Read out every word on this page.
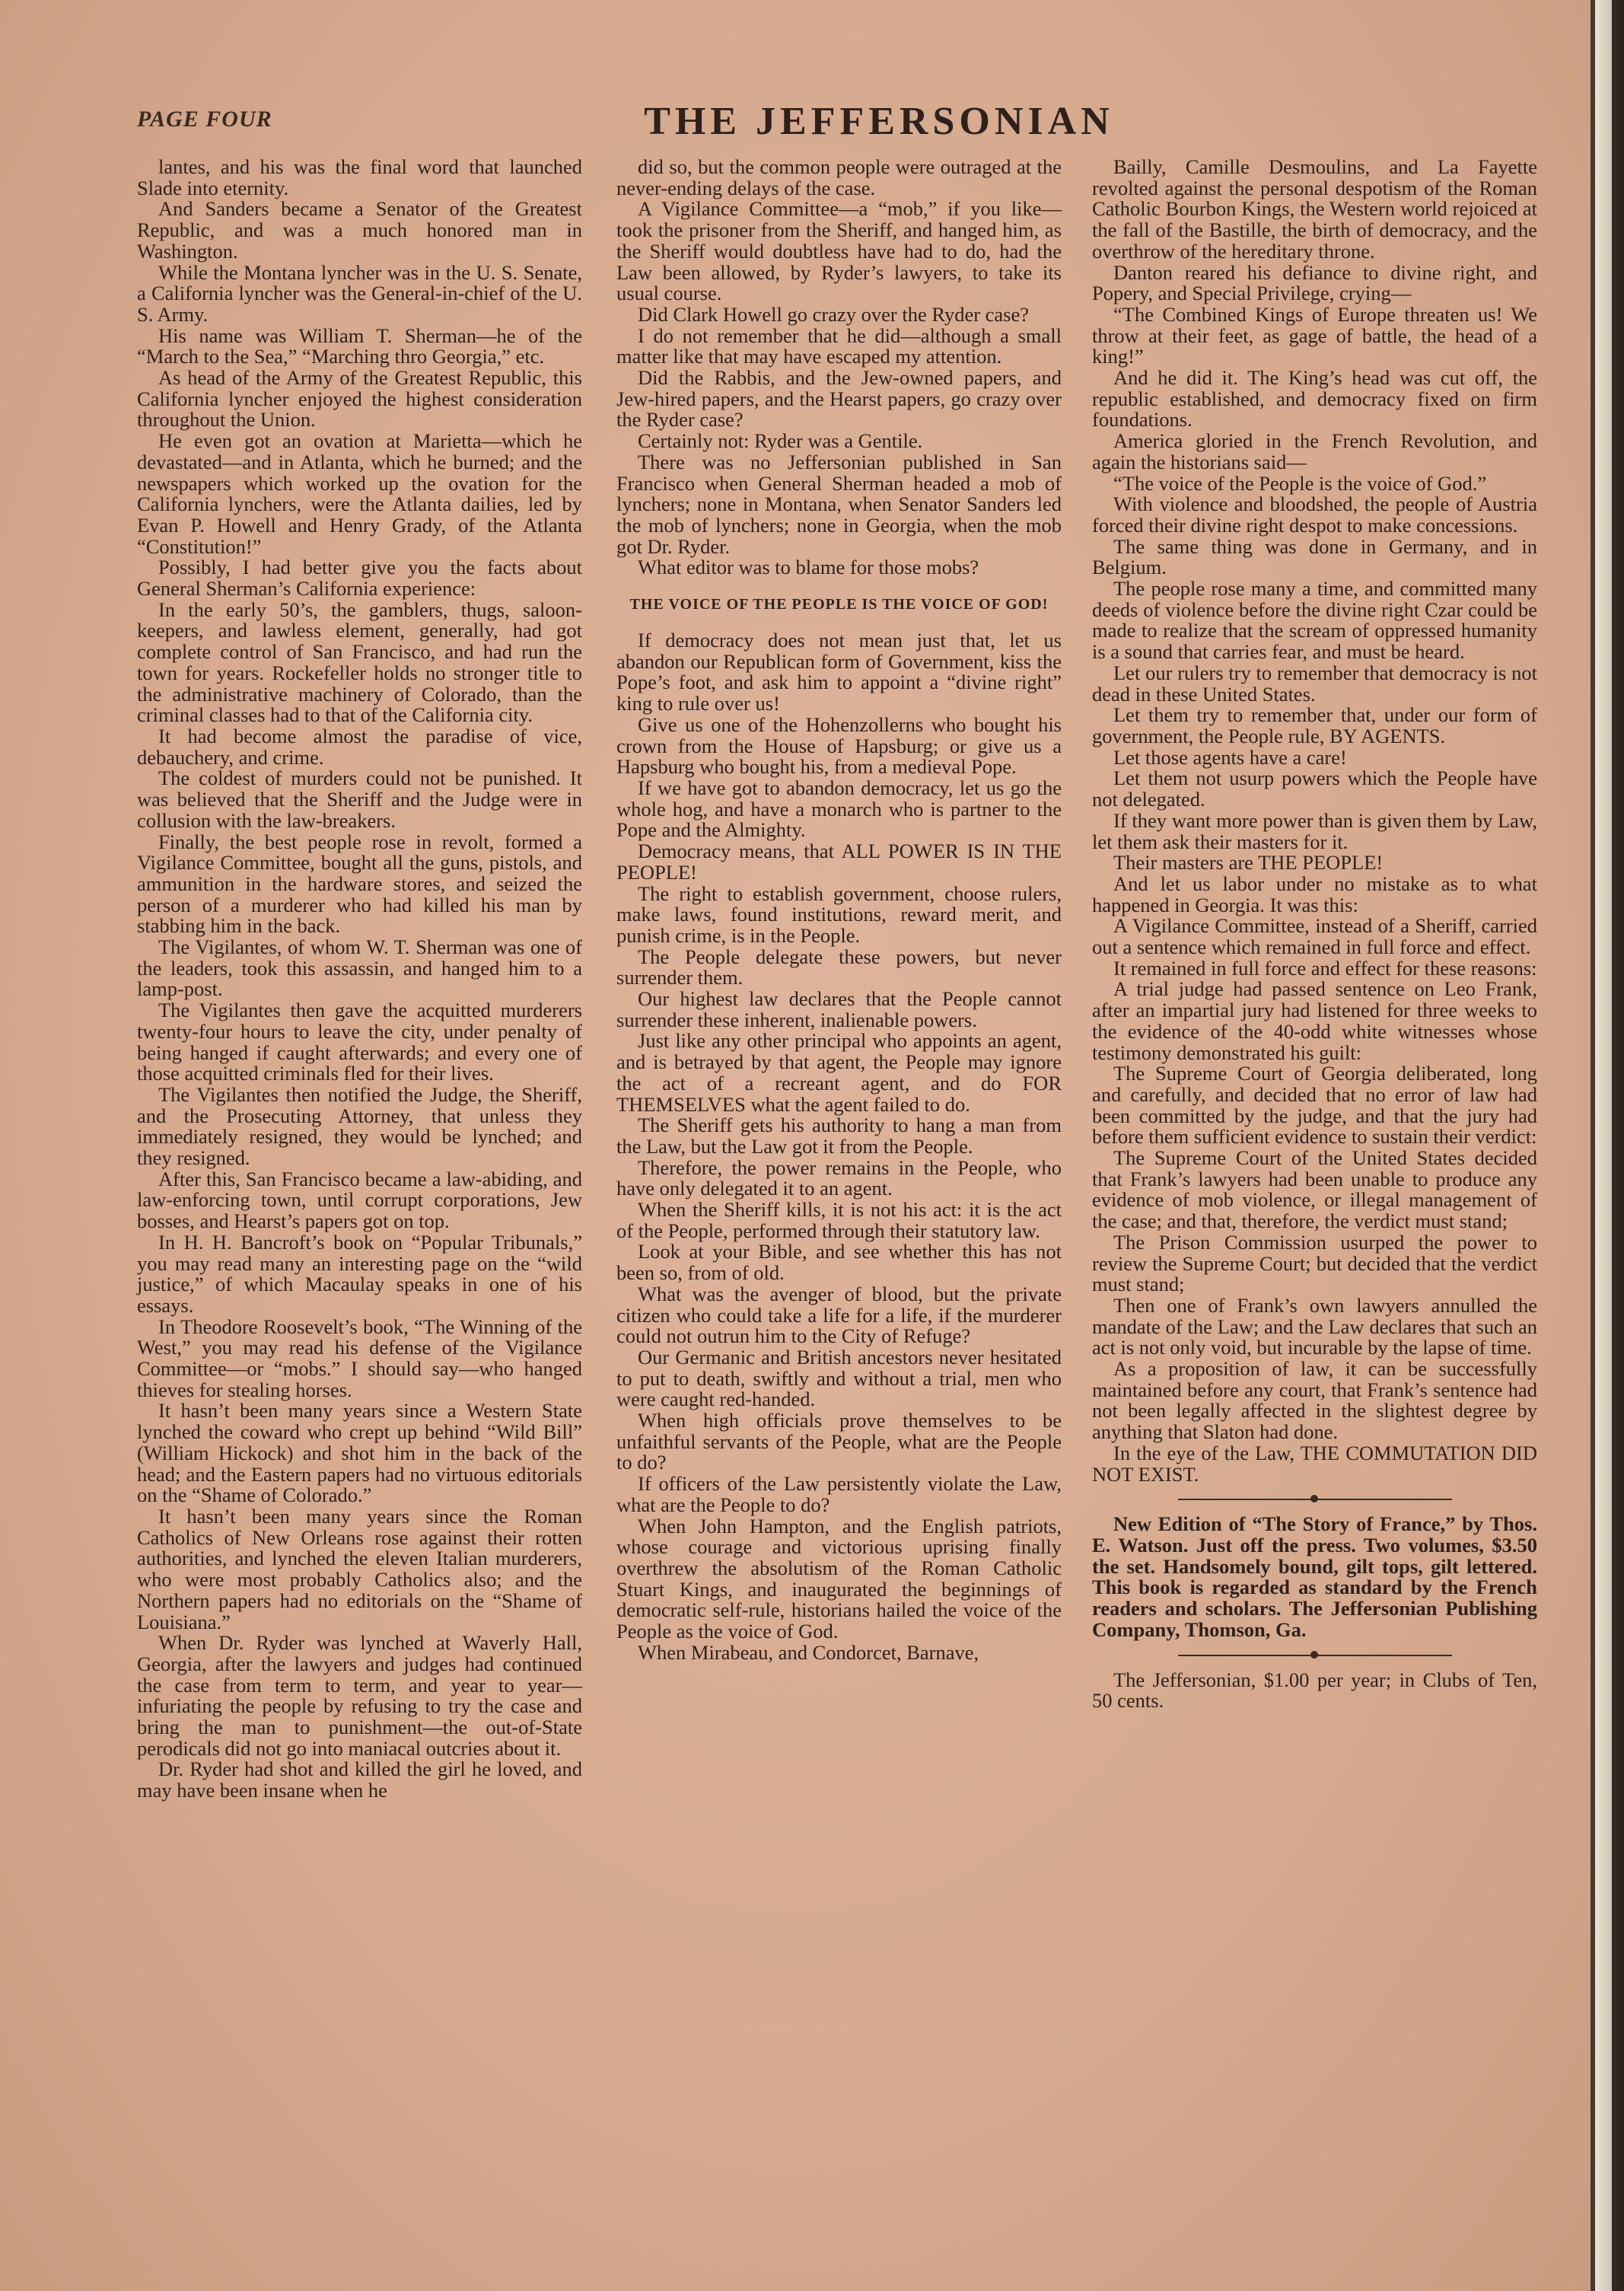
PAGE FOUR	THE JEFFERSONIAN

lantes, and his was the final word that launched Slade into eternity.

And Sanders became a Senator of the Greatest Republic, and was a much honored man in Washington.

While the Montana lyncher was in the U. S. Senate, a California lyncher was the General-in-chief of the U. S. Army.

His name was William T. Sherman—he of the “March to the Sea,” “Marching thro Georgia,” etc.

As head of the Army of the Greatest Republic, this California lyncher enjoyed the highest consideration throughout the Union.

He even got an ovation at Marietta—which he devastated—and in Atlanta, which he burned; and the newspapers which worked up the ovation for the California lynchers, were the Atlanta dailies, led by Evan P. Howell and Henry Grady, of the Atlanta “Constitution!”

Possibly, I had better give you the facts about General Sherman’s California experience:

In the early 50’s, the gamblers, thugs, saloon-keepers, and lawless element, generally, had got complete control of San Francisco, and had run the town for years. Rockefeller holds no stronger title to the administrative machinery of Colorado, than the criminal classes had to that of the California city.

It had become almost the paradise of vice, debauchery, and crime.

The coldest of murders could not be punished. It was believed that the Sheriff and the Judge were in collusion with the law-breakers.

Finally, the best people rose in revolt, formed a Vigilance Committee, bought all the guns, pistols, and ammunition in the hardware stores, and seized the person of a murderer who had killed his man by stabbing him in the back.

The Vigilantes, of whom W. T. Sherman was one of the leaders, took this assassin, and hanged him to a lamp-post.

The Vigilantes then gave the acquitted murderers twenty-four hours to leave the city, under penalty of being hanged if caught afterwards; and every one of those acquitted criminals fled for their lives.

The Vigilantes then notified the Judge, the Sheriff, and the Prosecuting Attorney, that unless they immediately resigned, they would be lynched; and they resigned.

After this, San Francisco became a law-abiding, and law-enforcing town, until corrupt corporations, Jew bosses, and Hearst’s papers got on top.

In H. H. Bancroft’s book on “Popular Tribunals,” you may read many an interesting page on the “wild justice,” of which Macaulay speaks in one of his essays.

In Theodore Roosevelt’s book, “The Winning of the West,” you may read his defense of the Vigilance Committee—or “mobs.” I should say—who hanged thieves for stealing horses.

It hasn’t been many years since a Western State lynched the coward who crept up behind “Wild Bill” (William Hickock) and shot him in the back of the head; and the Eastern papers had no virtuous editorials on the “Shame of Colorado.”

It hasn’t been many years since the Roman Catholics of New Orleans rose against their rotten authorities, and lynched the eleven Italian murderers, who were most probably Catholics also; and the Northern papers had no editorials on the “Shame of Louisiana.”

When Dr. Ryder was lynched at Waverly Hall, Georgia, after the lawyers and judges had continued the case from term to term, and year to year—infuriating the people by refusing to try the case and bring the man to punishment—the out-of-State perodicals did not go into maniacal outcries about it.

Dr. Ryder had shot and killed the girl he loved, and may have been insane when he

did so, but the common people were outraged at the never-ending delays of the case.

A Vigilance Committee—a “mob,” if you like—took the prisoner from the Sheriff, and hanged him, as the Sheriff would doubtless have had to do, had the Law been allowed, by Ryder’s lawyers, to take its usual course.

Did Clark Howell go crazy over the Ryder case?

I do not remember that he did—although a small matter like that may have escaped my attention.

Did the Rabbis, and the Jew-owned papers, and Jew-hired papers, and the Hearst papers, go crazy over the Ryder case?

Certainly not: Ryder was a Gentile.

There was no Jeffersonian published in San Francisco when General Sherman headed a mob of lynchers; none in Montana, when Senator Sanders led the mob of lynchers; none in Georgia, when the mob got Dr. Ryder.

What editor was to blame for those mobs?

THE VOICE OF THE PEOPLE IS THE VOICE OF GOD!

If democracy does not mean just that, let us abandon our Republican form of Government, kiss the Pope’s foot, and ask him to appoint a “divine right” king to rule over us!

Give us one of the Hohenzollerns who bought his crown from the House of Hapsburg; or give us a Hapsburg who bought his, from a medieval Pope.

If we have got to abandon democracy, let us go the whole hog, and have a monarch who is partner to the Pope and the Almighty.

Democracy means, that ALL POWER IS IN THE PEOPLE!

The right to establish government, choose rulers, make laws, found institutions, reward merit, and punish crime, is in the People.

The People delegate these powers, but never surrender them.

Our highest law declares that the People cannot surrender these inherent, inalienable powers.

Just like any other principal who appoints an agent, and is betrayed by that agent, the People may ignore the act of a recreant agent, and do FOR THEMSELVES what the agent failed to do.

The Sheriff gets his authority to hang a man from the Law, but the Law got it from the People.

Therefore, the power remains in the People, who have only delegated it to an agent.

When the Sheriff kills, it is not his act: it is the act of the People, performed through their statutory law.

Look at your Bible, and see whether this has not been so, from of old.

What was the avenger of blood, but the private citizen who could take a life for a life, if the murderer could not outrun him to the City of Refuge?

Our Germanic and British ancestors never hesitated to put to death, swiftly and without a trial, men who were caught red-handed.

When high officials prove themselves to be unfaithful servants of the People, what are the People to do?

If officers of the Law persistently violate the Law, what are the People to do?

When John Hampton, and the English patriots, whose courage and victorious uprising finally overthrew the absolutism of the Roman Catholic Stuart Kings, and inaugurated the beginnings of democratic self-rule, historians hailed the voice of the People as the voice of God.

When Mirabeau, and Condorcet, Barnave,

Bailly, Camille Desmoulins, and La Fayette revolted against the personal despotism of the Roman Catholic Bourbon Kings, the Western world rejoiced at the fall of the Bastille, the birth of democracy, and the overthrow of the hereditary throne.

Danton reared his defiance to divine right, and Popery, and Special Privilege, crying—

“The Combined Kings of Europe threaten us! We throw at their feet, as gage of battle, the head of a king!”

And he did it. The King’s head was cut off, the republic established, and democracy fixed on firm foundations.

America gloried in the French Revolution, and again the historians said—

“The voice of the People is the voice of God.”

With violence and bloodshed, the people of Austria forced their divine right despot to make concessions.

The same thing was done in Germany, and in Belgium.

The people rose many a time, and committed many deeds of violence before the divine right Czar could be made to realize that the scream of oppressed humanity is a sound that carries fear, and must be heard.

Let our rulers try to remember that democracy is not dead in these United States.

Let them try to remember that, under our form of government, the People rule, BY AGENTS.

Let those agents have a care!

Let them not usurp powers which the People have not delegated.

If they want more power than is given them by Law, let them ask their masters for it.

Their masters are THE PEOPLE!

And let us labor under no mistake as to what happened in Georgia. It was this:

A Vigilance Committee, instead of a Sheriff, carried out a sentence which remained in full force and effect.

It remained in full force and effect for these reasons:

A trial judge had passed sentence on Leo Frank, after an impartial jury had listened for three weeks to the evidence of the 40-odd white witnesses whose testimony demonstrated his guilt:

The Supreme Court of Georgia deliberated, long and carefully, and decided that no error of law had been committed by the judge, and that the jury had before them sufficient evidence to sustain their verdict:

The Supreme Court of the United States decided that Frank’s lawyers had been unable to produce any evidence of mob violence, or illegal management of the case; and that, therefore, the verdict must stand;

The Prison Commission usurped the power to review the Supreme Court; but decided that the verdict must stand;

Then one of Frank’s own lawyers annulled the mandate of the Law; and the Law declares that such an act is not only void, but incurable by the lapse of time.

As a proposition of law, it can be successfully maintained before any court, that Frank’s sentence had not been legally affected in the slightest degree by anything that Slaton had done.

In the eye of the Law, THE COMMUTATION DID NOT EXIST.

New Edition of “The Story of France,” by Thos. E. Watson. Just off the press. Two volumes, $3.50 the set. Handsomely bound, gilt tops, gilt lettered. This book is regarded as standard by the French readers and scholars. The Jeffersonian Publishing Company, Thomson, Ga.

The Jeffersonian, $1.00 per year; in Clubs of Ten, 50 cents.
